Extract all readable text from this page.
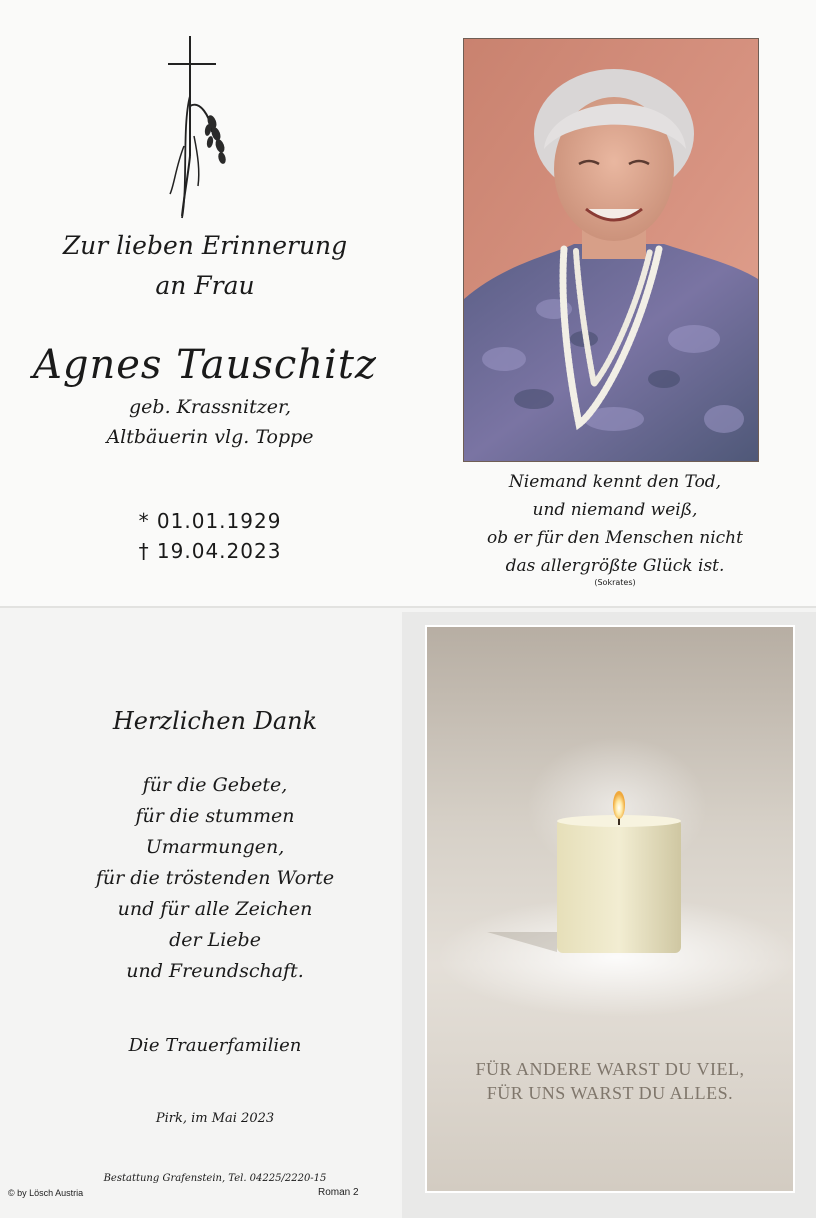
Zur lieben Erinnerung
an Frau
Agnes Tauschitz
geb. Krassnitzer,
Altbäuerin vlg. Toppe
* 01.01.1929
† 19.04.2023
Niemand kennt den Tod,
und niemand weiß,
ob er für den Menschen nicht
das allergrößte Glück ist.
(Sokrates)
Herzlichen Dank
für die Gebete,
für die stummen
Umarmungen,
für die tröstenden Worte
und für alle Zeichen
der Liebe
und Freundschaft.
Die Trauerfamilien
Pirk, im Mai 2023
Bestattung Grafenstein, Tel. 04225/2220-15
© by Lösch Austria	Roman 2
FÜR ANDERE WARST DU VIEL,
FÜR UNS WARST DU ALLES.
